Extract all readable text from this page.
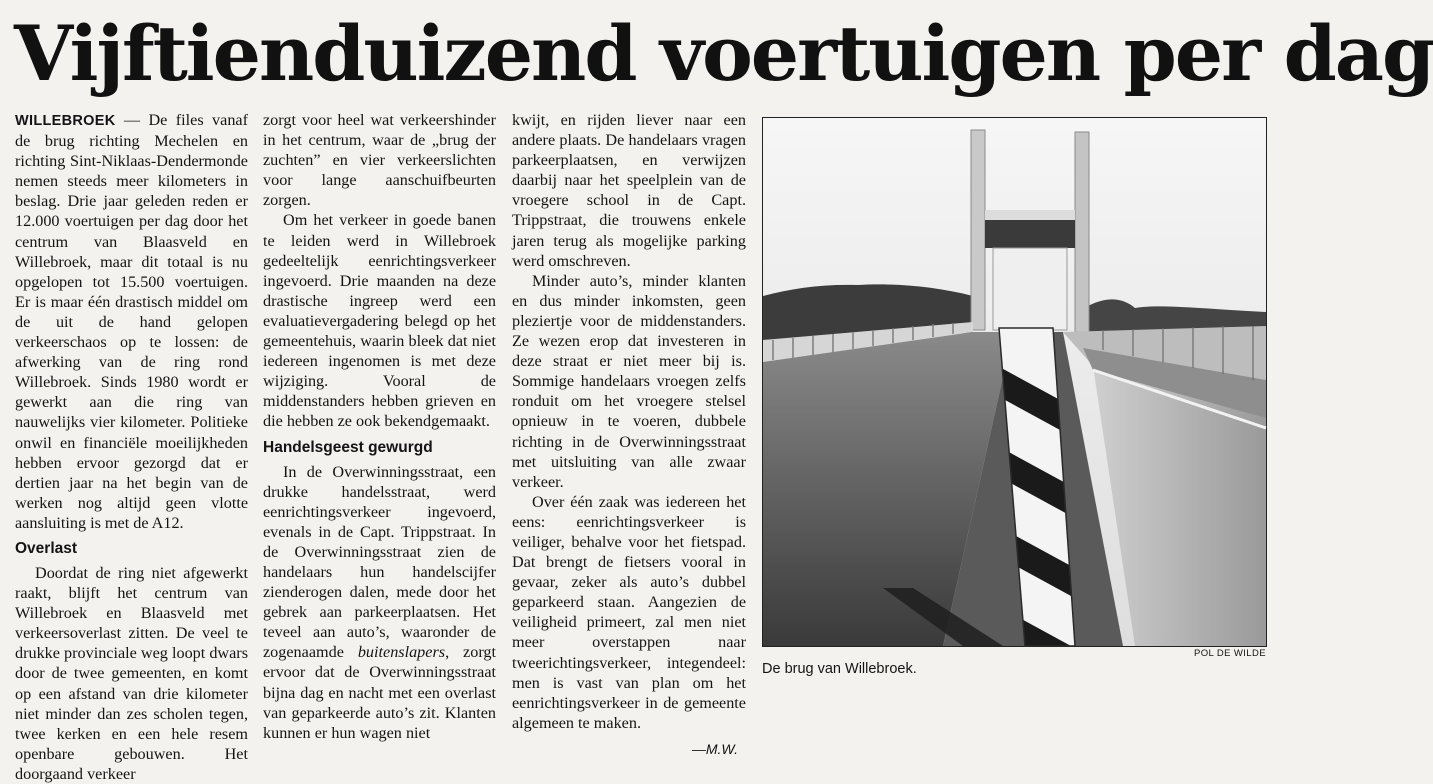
Vijftienduizend voertuigen per dag

WILLEBROEK — De files vanaf de brug richting Mechelen en richting Sint-Niklaas-Dendermonde nemen steeds meer kilometers in beslag. Drie jaar geleden reden er 12.000 voertuigen per dag door het centrum van Blaasveld en Willebroek, maar dit totaal is nu opgelopen tot 15.500 voertuigen. Er is maar één drastisch middel om de uit de hand gelopen verkeerschaos op te lossen: de afwerking van de ring rond Willebroek. Sinds 1980 wordt er gewerkt aan die ring van nauwelijks vier kilometer. Politieke onwil en financiële moeilijkheden hebben ervoor gezorgd dat er dertien jaar na het begin van de werken nog altijd geen vlotte aansluiting is met de A12.

Overlast

Doordat de ring niet afgewerkt raakt, blijft het centrum van Willebroek en Blaasveld met verkeersoverlast zitten. De veel te drukke provinciale weg loopt dwars door de twee gemeenten, en komt op een afstand van drie kilometer niet minder dan zes scholen tegen, twee kerken en een hele resem openbare gebouwen. Het doorgaand verkeer

zorgt voor heel wat verkeershinder in het centrum, waar de „brug der zuchten” en vier verkeerslichten voor lange aanschuifbeurten zorgen.

Om het verkeer in goede banen te leiden werd in Willebroek gedeeltelijk eenrichtingsverkeer ingevoerd. Drie maanden na deze drastische ingreep werd een evaluatievergadering belegd op het gemeentehuis, waarin bleek dat niet iedereen ingenomen is met deze wijziging. Vooral de middenstanders hebben grieven en die hebben ze ook bekendgemaakt.

Handelsgeest gewurgd

In de Overwinningsstraat, een drukke handelsstraat, werd eenrichtingsverkeer ingevoerd, evenals in de Capt. Trippstraat. In de Overwinningsstraat zien de handelaars hun handelscijfer zienderogen dalen, mede door het gebrek aan parkeerplaatsen. Het teveel aan auto’s, waaronder de zogenaamde buitenslapers, zorgt ervoor dat de Overwinningsstraat bijna dag en nacht met een overlast van geparkeerde auto’s zit. Klanten kunnen er hun wagen niet

kwijt, en rijden liever naar een andere plaats. De handelaars vragen parkeerplaatsen, en verwijzen daarbij naar het speelplein van de vroegere school in de Capt. Trippstraat, die trouwens enkele jaren terug als mogelijke parking werd omschreven.

Minder auto’s, minder klanten en dus minder inkomsten, geen pleziertje voor de middenstanders. Ze wezen erop dat investeren in deze straat er niet meer bij is. Sommige handelaars vroegen zelfs ronduit om het vroegere stelsel opnieuw in te voeren, dubbele richting in de Overwinningsstraat met uitsluiting van alle zwaar verkeer.

Over één zaak was iedereen het eens: eenrichtingsverkeer is veiliger, behalve voor het fietspad. Dat brengt de fietsers vooral in gevaar, zeker als auto’s dubbel geparkeerd staan. Aangezien de veiligheid primeert, zal men niet meer overstappen naar tweerichtingsverkeer, integendeel: men is vast van plan om het eenrichtingsverkeer in de gemeente algemeen te maken.

—M.W.
POL DE WILDE
De brug van Willebroek.
